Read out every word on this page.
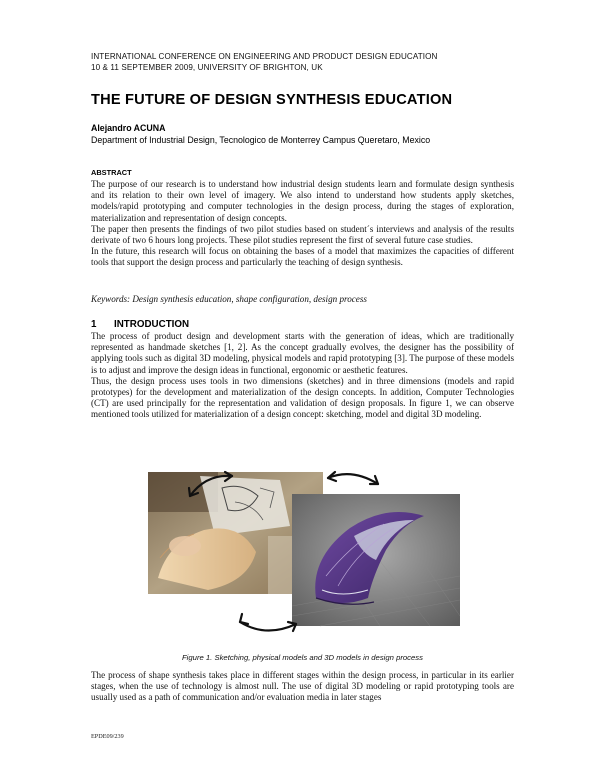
INTERNATIONAL CONFERENCE ON ENGINEERING AND PRODUCT DESIGN EDUCATION
10 & 11 SEPTEMBER 2009, UNIVERSITY OF BRIGHTON, UK
THE FUTURE OF DESIGN SYNTHESIS EDUCATION
Alejandro ACUNA
Department of Industrial Design, Tecnologico de Monterrey Campus Queretaro, Mexico
ABSTRACT

The purpose of our research is to understand how industrial design students learn and formulate design synthesis and its relation to their own level of imagery. We also intend to understand how students apply sketches, models/rapid prototyping and computer technologies in the design process, during the stages of exploration, materialization and representation of design concepts.

The paper then presents the findings of two pilot studies based on student´s interviews and analysis of the results derivate of two 6 hours long projects. These pilot studies represent the first of several future case studies.

In the future, this research will focus on obtaining the bases of a model that maximizes the capacities of different tools that support the design process and particularly the teaching of design synthesis.

Keywords: Design synthesis education, shape configuration, design process
1 INTRODUCTION

The process of product design and development starts with the generation of ideas, which are traditionally represented as handmade sketches [1, 2]. As the concept gradually evolves, the designer has the possibility of applying tools such as digital 3D modeling, physical models and rapid prototyping [3]. The purpose of these models is to adjust and improve the design ideas in functional, ergonomic or aesthetic features.

Thus, the design process uses tools in two dimensions (sketches) and in three dimensions (models and rapid prototypes) for the development and materialization of the design concepts. In addition, Computer Technologies (CT) are used principally for the representation and validation of design proposals. In figure 1, we can observe mentioned tools utilized for materialization of a design concept: sketching, model and digital 3D modeling.

Figure 1. Sketching, physical models and 3D models in design process

The process of shape synthesis takes place in different stages within the design process, in particular in its earlier stages, when the use of technology is almost null. The use of digital 3D modeling or rapid prototyping tools are usually used as a path of communication and/or evaluation media in later stages

EPDE09/239
